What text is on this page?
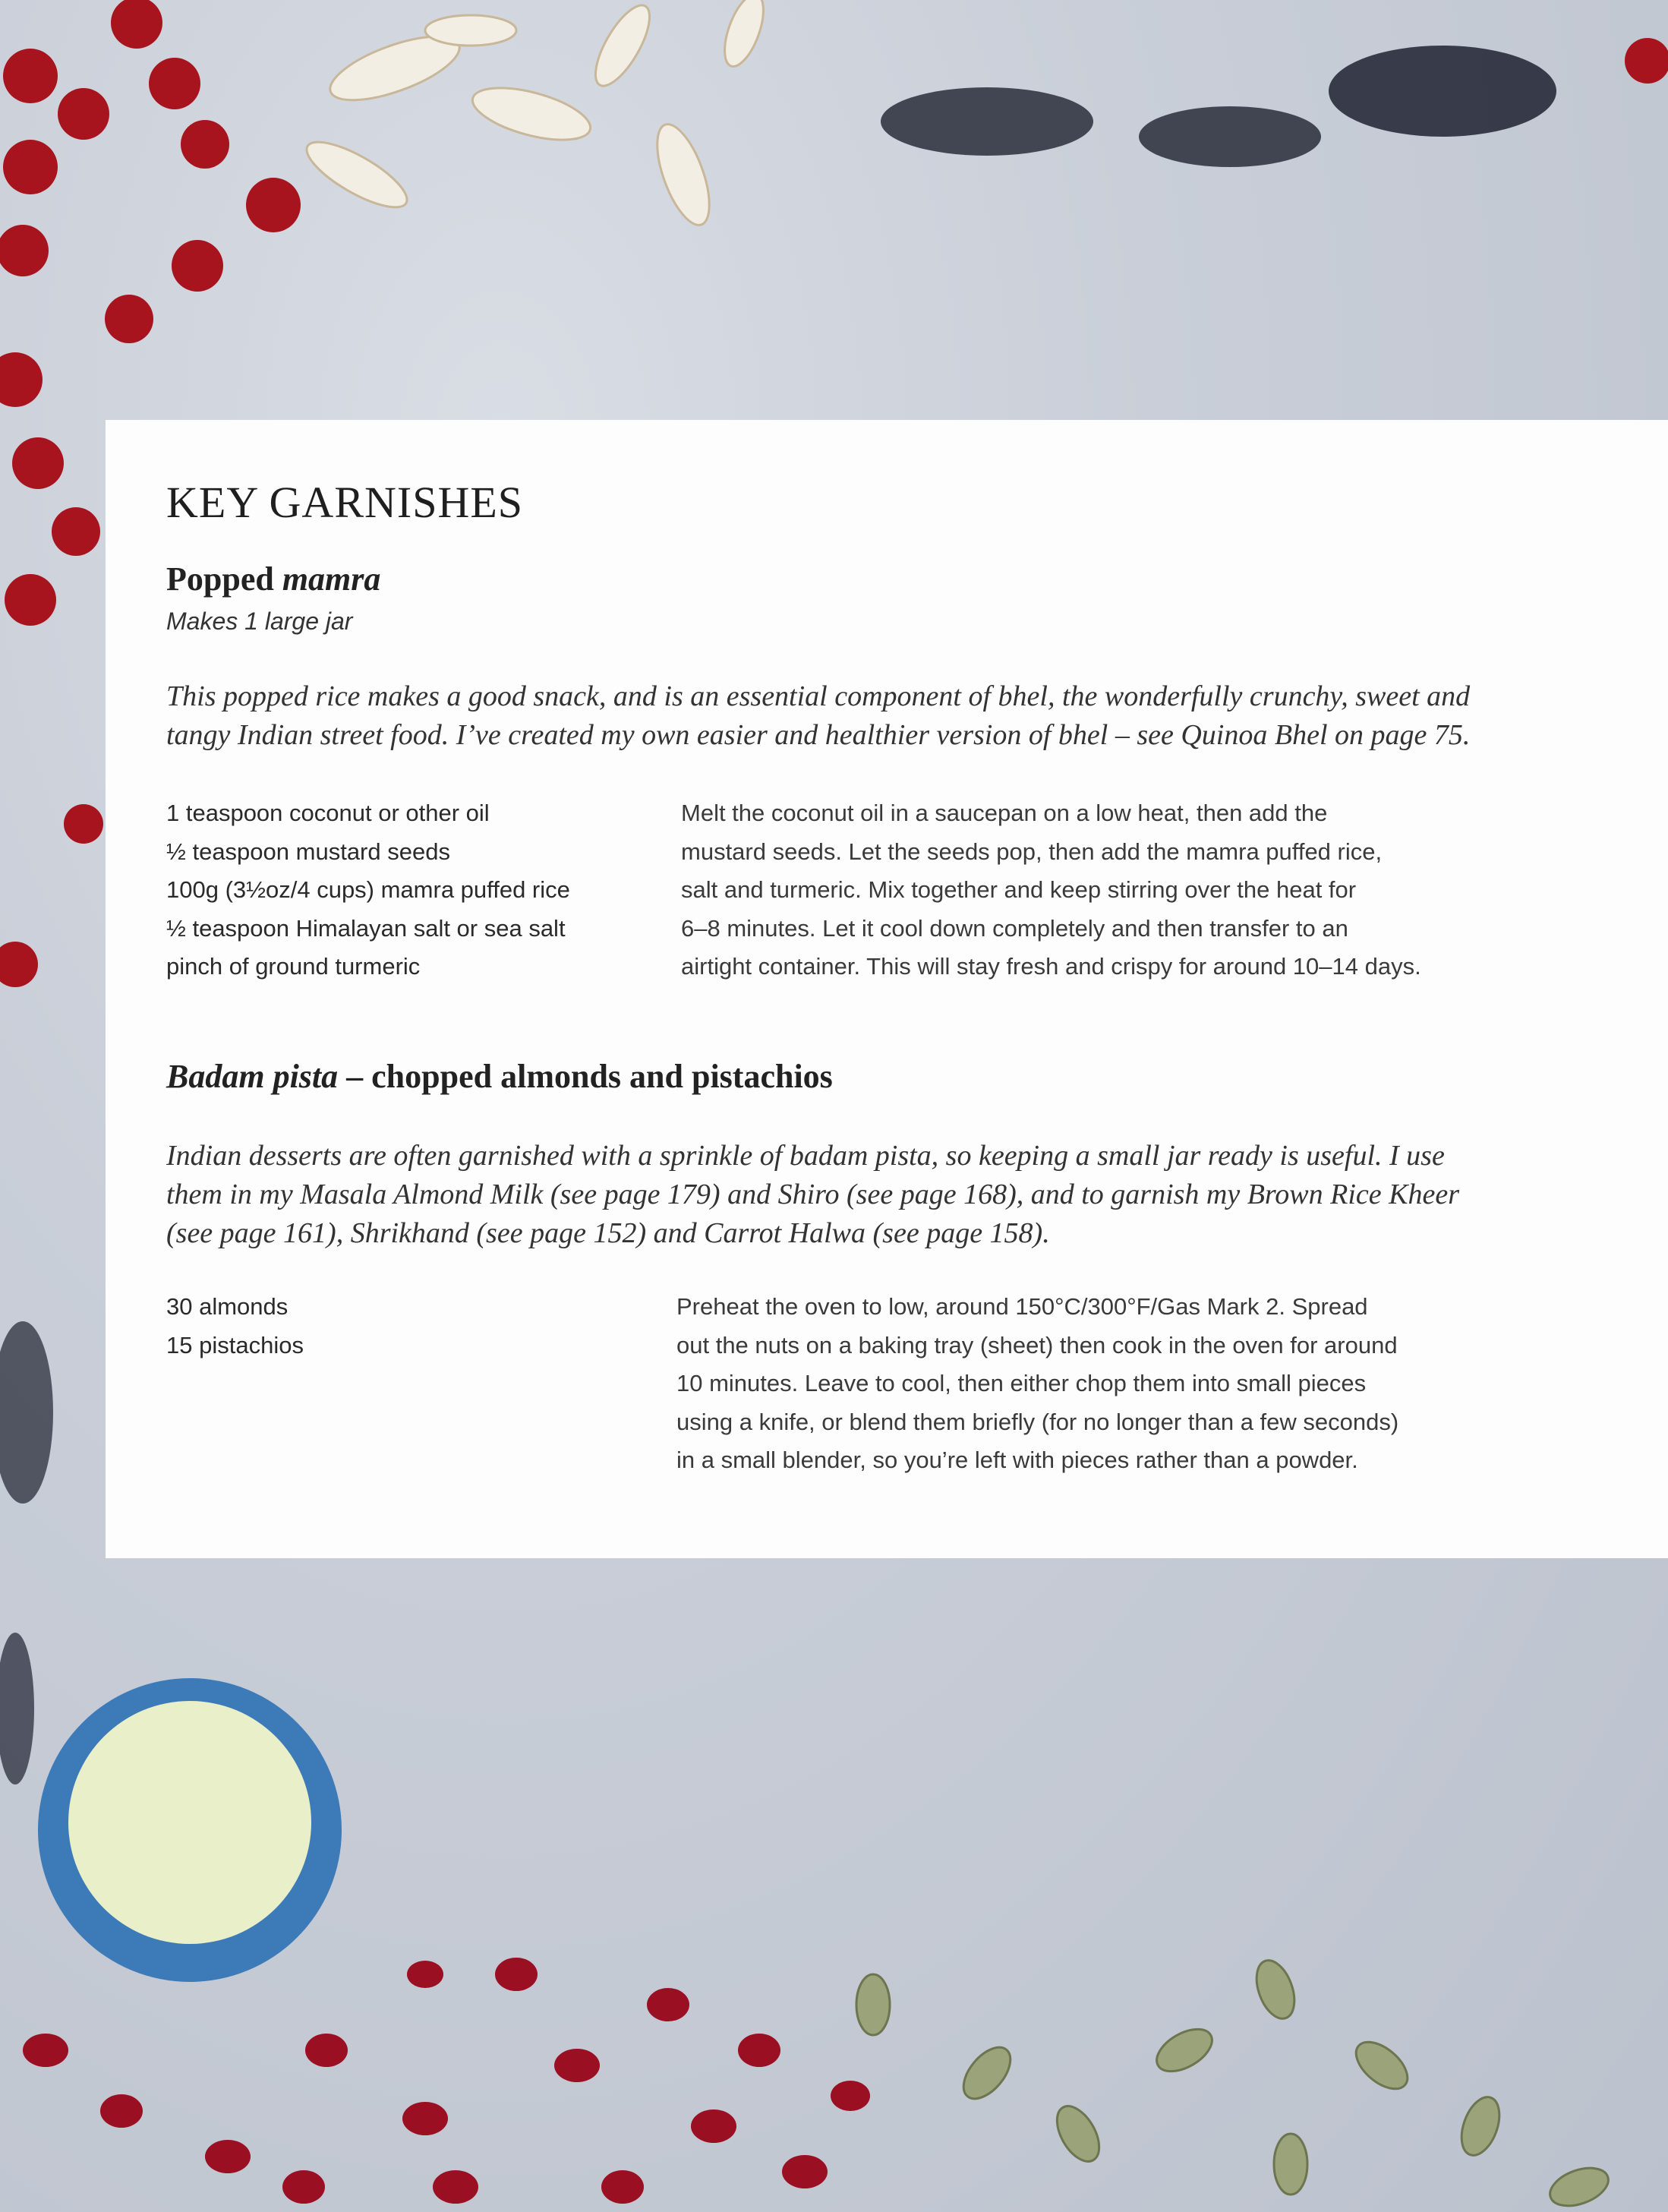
KEY GARNISHES
Popped mamra
Makes 1 large jar
This popped rice makes a good snack, and is an essential component of bhel, the wonderfully crunchy, sweet and
tangy Indian street food. I’ve created my own easier and healthier version of bhel – see Quinoa Bhel on page 75.
1 teaspoon coconut or other oil
½ teaspoon mustard seeds
100g (3½oz/4 cups) mamra puffed rice
½ teaspoon Himalayan salt or sea salt
pinch of ground turmeric
Melt the coconut oil in a saucepan on a low heat, then add the
mustard seeds. Let the seeds pop, then add the mamra puffed rice,
salt and turmeric. Mix together and keep stirring over the heat for
6–8 minutes. Let it cool down completely and then transfer to an
airtight container. This will stay fresh and crispy for around 10–14 days.
Badam pista – chopped almonds and pistachios
Indian desserts are often garnished with a sprinkle of badam pista, so keeping a small jar ready is useful. I use
them in my Masala Almond Milk (see page 179) and Shiro (see page 168), and to garnish my Brown Rice Kheer
(see page 161), Shrikhand (see page 152) and Carrot Halwa (see page 158).
30 almonds
15 pistachios
Preheat the oven to low, around 150°C/300°F/Gas Mark 2. Spread
out the nuts on a baking tray (sheet) then cook in the oven for around
10 minutes. Leave to cool, then either chop them into small pieces
using a knife, or blend them briefly (for no longer than a few seconds)
in a small blender, so you’re left with pieces rather than a powder.
